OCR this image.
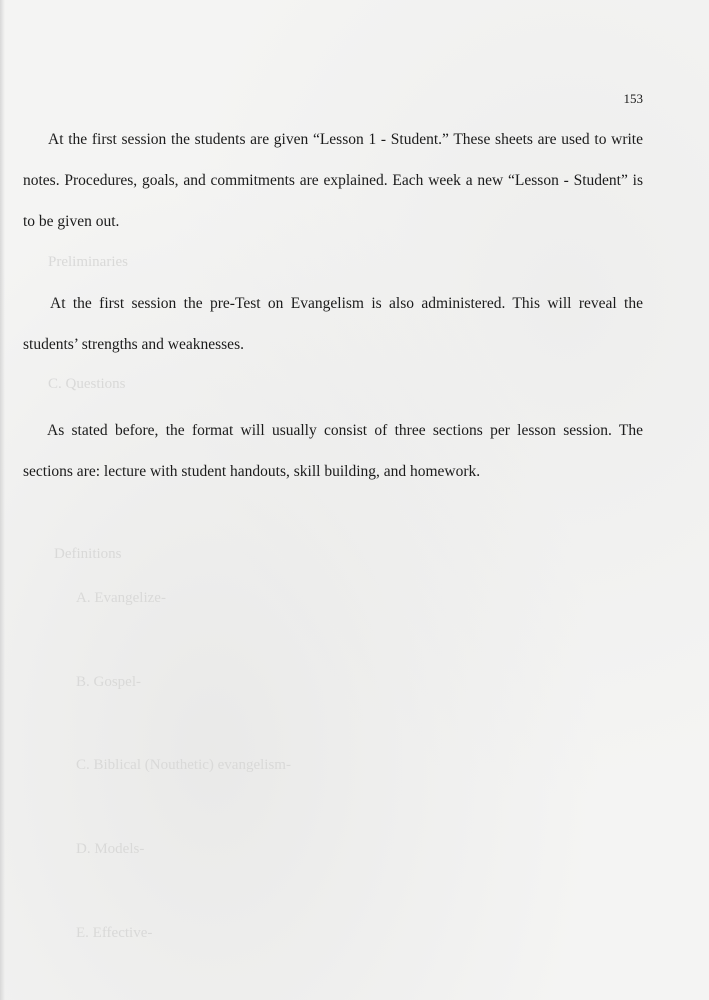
Preliminaries
C. Questions
Definitions
A. Evangelize-
B. Gospel-
C. Biblical (Nouthetic) evangelism-
D. Models-
E. Effective-
153

At the first session the students are given “Lesson 1 - Student.” These sheets are used to write notes. Procedures, goals, and commitments are explained. Each week a new “Lesson - Student” is to be given out.

At the first session the pre-Test on Evangelism is also administered. This will reveal the students’ strengths and weaknesses.

As stated before, the format will usually consist of three sections per lesson session. The sections are: lecture with student handouts, skill building, and homework.
